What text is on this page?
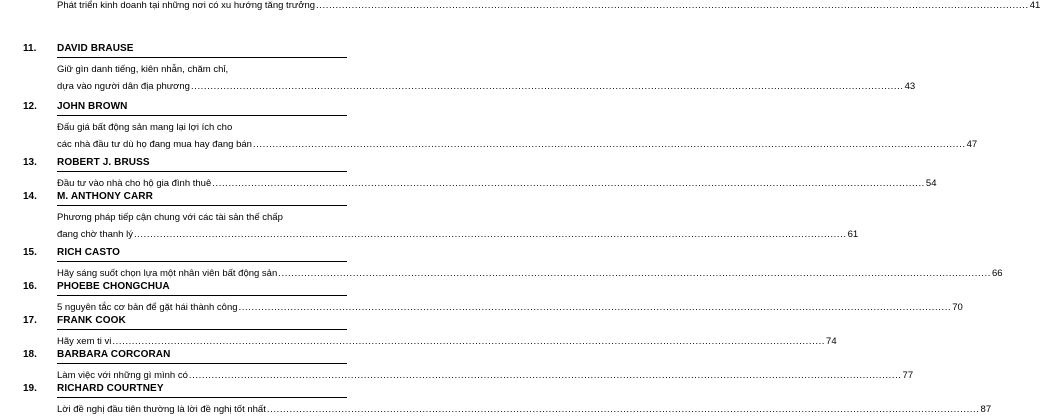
Phát triển kinh doanh tại những nơi có xu hướng tăng trưởng ............................................................................................................................................................................................................................ 41
11.	DAVID BRAUSE
Giữ gìn danh tiếng, kiên nhẫn, chăm chỉ,
dựa vào người dân địa phương ............................................................................................................................................................................................................................ 43
12.	JOHN BROWN
Đấu giá bất động sản mang lại lợi ích cho
các nhà đầu tư dù họ đang mua hay đang bán ............................................................................................................................................................................................................................ 47
13.	ROBERT J. BRUSS
Đầu tư vào nhà cho hộ gia đình thuê ............................................................................................................................................................................................................................ 54
14.	M. ANTHONY CARR
Phương pháp tiếp cận chung với các tài sản thế chấp
đang chờ thanh lý ............................................................................................................................................................................................................................ 61
15.	RICH CASTO
Hãy sáng suốt chọn lựa một nhân viên bất động sản ............................................................................................................................................................................................................................ 66
16.	PHOEBE CHONGCHUA
5 nguyên tắc cơ bản để gặt hái thành công ............................................................................................................................................................................................................................ 70
17.	FRANK COOK
Hãy xem ti vi ............................................................................................................................................................................................................................ 74
18.	BARBARA CORCORAN
Làm việc với những gì mình có ............................................................................................................................................................................................................................ 77
19.	RICHARD COURTNEY
Lời đề nghị đầu tiên thường là lời đề nghị tốt nhất ............................................................................................................................................................................................................................ 87
